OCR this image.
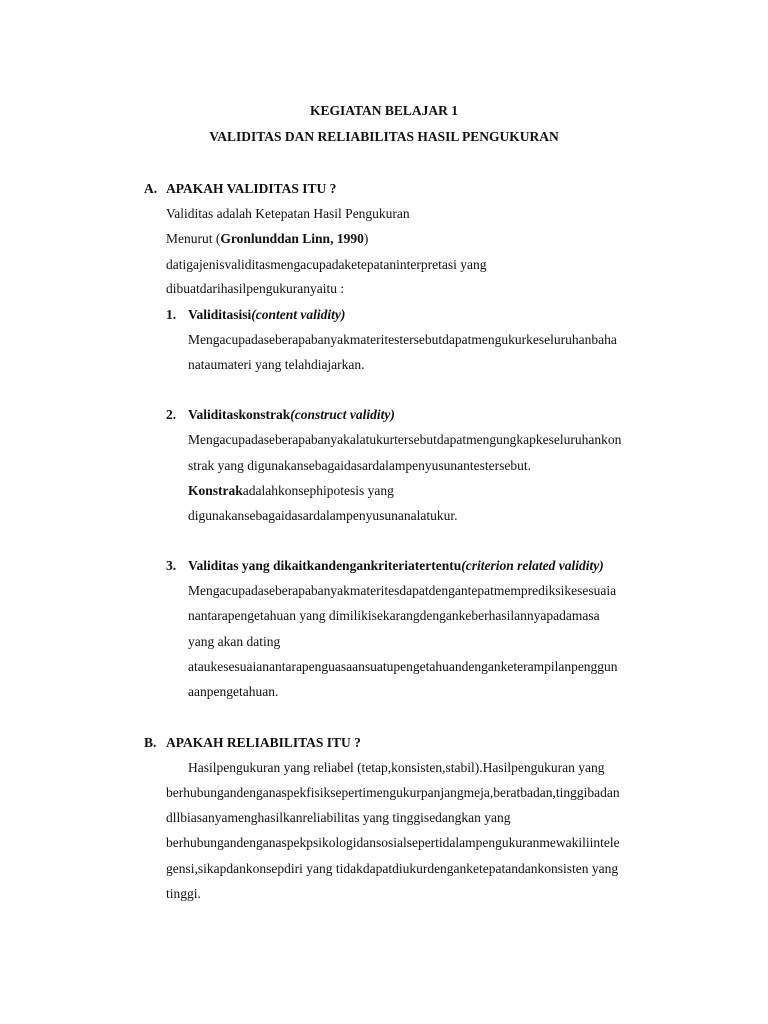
KEGIATAN BELAJAR 1
VALIDITAS DAN RELIABILITAS HASIL PENGUKURAN
A. APAKAH VALIDITAS ITU ?
Validitas adalah Ketepatan Hasil Pengukuran
Menurut (Gronlunddan Linn, 1990)
datigajenisvaliditasmengacupadaketepataninterpretasi yang
dibuatdarihasilpengukuranyaitu :
1. Validitasisi(content validity)
Mengacupadaseberapabanyakmateritestersebutdapatmengukurkeseluruhanbaha
nataumateri yang telahdiajarkan.
2. Validitaskonstrak(construct validity)
Mengacupadaseberapabanyakalatukurtersebutdapatmengungkapkeseluruhankon
strak yang digunakansebagaidasardalampenyusunantestersebut.
Konstrakadalahkonsephipotesis yang
digunakansebagaidasardalampenyusunanalatukur.
3. Validitas yang dikaitkandengankriteriatertentu(criterion related validity)
Mengacupadaseberapabanyakmateritesdapatdengantepatmemprediksikesesuaia
nantarapengetahuan yang dimilikisekarangdengankeberhasilannyapadamasa
yang akan dating
ataukesesuaianantarapenguasaansuatupengetahuandenganketerampilanpenggun
aanpengetahuan.
B. APAKAH RELIABILITAS ITU ?
Hasilpengukuran yang reliabel (tetap,konsisten,stabil).Hasilpengukuran yang
berhubungandenganaspekfisiksepertimengukurpanjangmeja,beratbadan,tinggibadan
dllbiasanyamenghasilkanreliabilitas yang tinggisedangkan yang
berhubungandenganaspekpsikologidansosialsepertidalampengukuranmewakiliintele
gensi,sikapdankonsepdiri yang tidakdapatdiukurdenganketepatandankonsisten yang
tinggi.
